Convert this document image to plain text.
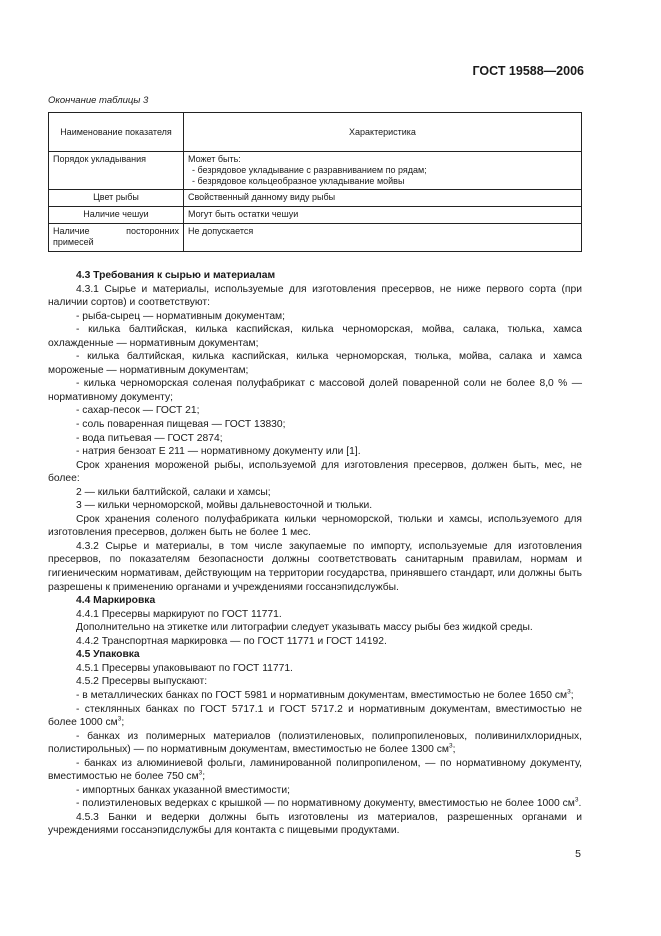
ГОСТ 19588—2006
Окончание таблицы 3
Наименование показателя	Характеристика
Порядок укладывания	Может быть:
- безрядовое укладывание с разравниванием по рядам;
- безрядовое кольцеобразное укладывание мойвы

Цвет рыбы	Свойственный данному виду рыбы
Наличие чешуи	Могут быть остатки чешуи
Наличие посторонних примесей	Не допускается

4.3 Требования к сырью и материалам

4.3.1 Сырье и материалы, используемые для изготовления пресервов, не ниже первого сорта (при наличии сортов) и соответствуют:

- рыба-сырец — нормативным документам;

- килька балтийская, килька каспийская, килька черноморская, мойва, салака, тюлька, хамса охлажденные — нормативным документам;

- килька балтийская, килька каспийская, килька черноморская, тюлька, мойва, салака и хамса мороженые — нормативным документам;

- килька черноморская соленая полуфабрикат с массовой долей поваренной соли не более 8,0 % — нормативному документу;

- сахар-песок — ГОСТ 21;

- соль поваренная пищевая — ГОСТ 13830;

- вода питьевая — ГОСТ 2874;

- натрия бензоат Е 211 — нормативному документу или [1].

Срок хранения мороженой рыбы, используемой для изготовления пресервов, должен быть, мес, не более:

2 — кильки балтийской, салаки и хамсы;

3 — кильки черноморской, мойвы дальневосточной и тюльки.

Срок хранения соленого полуфабриката кильки черноморской, тюльки и хамсы, используемого для изготовления пресервов, должен быть не более 1 мес.

4.3.2 Сырье и материалы, в том числе закупаемые по импорту, используемые для изготовления пресервов, по показателям безопасности должны соответствовать санитарным правилам, нормам и гигиеническим нормативам, действующим на территории государства, принявшего стандарт, или должны быть разрешены к применению органами и учреждениями госсанэпидслужбы.

4.4 Маркировка

4.4.1 Пресервы маркируют по ГОСТ 11771.

Дополнительно на этикетке или литографии следует указывать массу рыбы без жидкой среды.

4.4.2 Транспортная маркировка — по ГОСТ 11771 и ГОСТ 14192.

4.5 Упаковка

4.5.1 Пресервы упаковывают по ГОСТ 11771.

4.5.2 Пресервы выпускают:

- в металлических банках по ГОСТ 5981 и нормативным документам, вместимостью не более 1650 $см^3$;

- стеклянных банках по ГОСТ 5717.1 и ГОСТ 5717.2 и нормативным документам, вместимостью не более 1000 $см^3$;

- банках из полимерных материалов (полиэтиленовых, полипропиленовых, поливинилхлоридных, полистирольных) — по нормативным документам, вместимостью не более 1300 $см^3$;

- банках из алюминиевой фольги, ламинированной полипропиленом, — по нормативному документу, вместимостью не более 750 $см^3$;

- импортных банках указанной вместимости;

- полиэтиленовых ведерках с крышкой — по нормативному документу, вместимостью не более 1000 $см^3$.

4.5.3 Банки и ведерки должны быть изготовлены из материалов, разрешенных органами и учреждениями госсанэпидслужбы для контакта с пищевыми продуктами.

5
